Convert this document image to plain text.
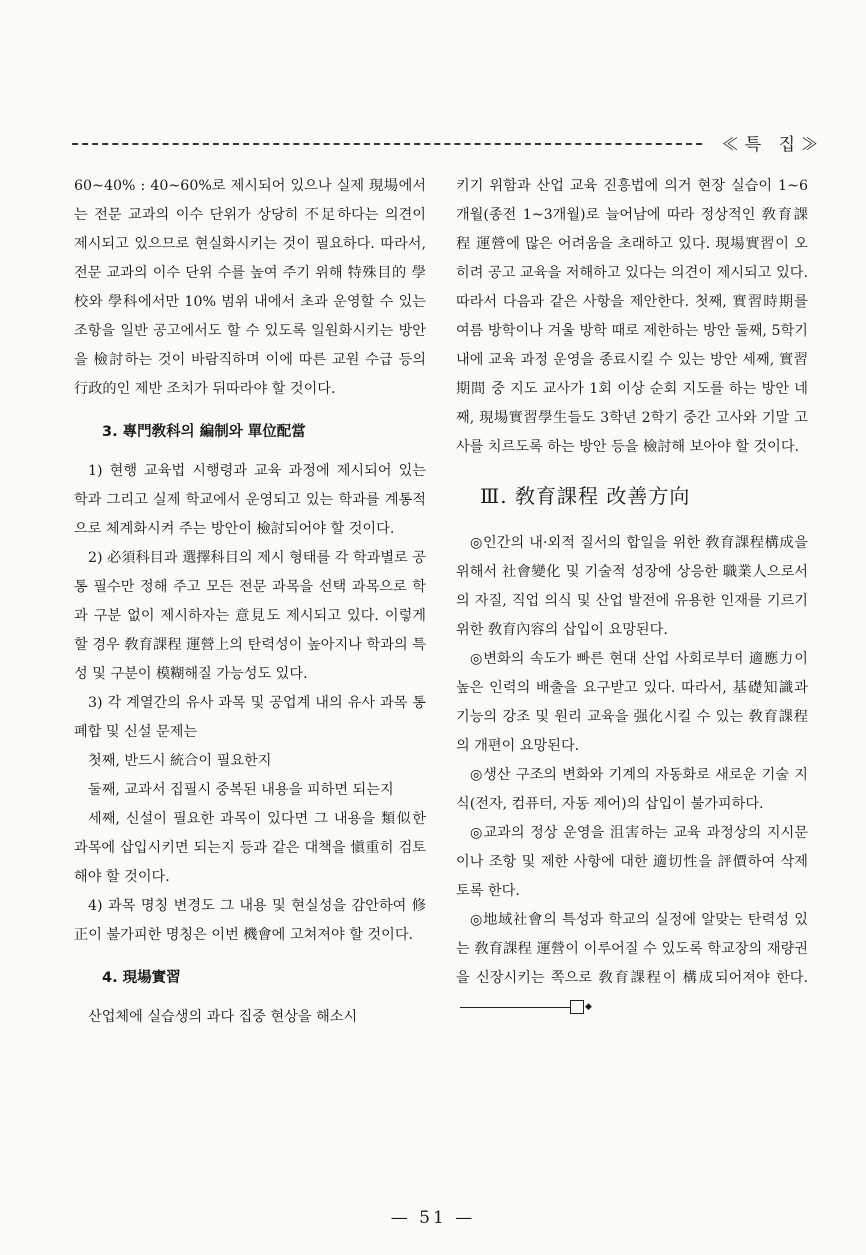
≪특 집≫

60~40% : 40~60%로 제시되어 있으나 실제 現場에서는 전문 교과의 이수 단위가 상당히 不足하다는 의견이 제시되고 있으므로 현실화시키는 것이 필요하다. 따라서, 전문 교과의 이수 단위 수를 높여 주기 위해 特殊目的 學校와 學科에서만 10% 범위 내에서 초과 운영할 수 있는 조항을 일반 공고에서도 할 수 있도록 일원화시키는 방안을 檢討하는 것이 바람직하며 이에 따른 교원 수급 등의 行政的인 제반 조치가 뒤따라야 할 것이다.

3. 專門敎科의 編制와 單位配當

1) 현행 교육법 시행령과 교육 과정에 제시되어 있는 학과 그리고 실제 학교에서 운영되고 있는 학과를 계통적으로 체계화시켜 주는 방안이 檢討되어야 할 것이다.

2) 必須科目과 選擇科目의 제시 형태를 각 학과별로 공통 필수만 정해 주고 모든 전문 과목을 선택 과목으로 학과 구분 없이 제시하자는 意見도 제시되고 있다. 이렇게 할 경우 敎育課程 運營上의 탄력성이 높아지나 학과의 특성 및 구분이 模糊해질 가능성도 있다.

3) 각 계열간의 유사 과목 및 공업계 내의 유사 과목 통폐합 및 신설 문제는

첫째, 반드시 統合이 필요한지

둘째, 교과서 집필시 중복된 내용을 피하면 되는지

세째, 신설이 필요한 과목이 있다면 그 내용을 類似한 과목에 삽입시키면 되는지 등과 같은 대책을 愼重히 검토해야 할 것이다.

4) 과목 명칭 변경도 그 내용 및 현실성을 감안하여 修正이 불가피한 명칭은 이번 機會에 고쳐져야 할 것이다.

4. 現場實習

산업체에 실습생의 과다 집중 현상을 해소시

키기 위함과 산업 교육 진흥법에 의거 현장 실습이 1~6개월(종전 1~3개월)로 늘어남에 따라 정상적인 敎育課程 運營에 많은 어려움을 초래하고 있다. 現場實習이 오히려 공고 교육을 저해하고 있다는 의견이 제시되고 있다. 따라서 다음과 같은 사항을 제안한다. 첫째, 實習時期를 여름 방학이나 겨울 방학 때로 제한하는 방안 둘째, 5학기 내에 교육 과정 운영을 종료시킬 수 있는 방안 세째, 實習期間 중 지도 교사가 1회 이상 순회 지도를 하는 방안 네째, 現場實習學生들도 3학년 2학기 중간 고사와 기말 고사를 치르도록 하는 방안 등을 檢討해 보아야 할 것이다.

Ⅲ. 敎育課程 改善方向

◎인간의 내·외적 질서의 합일을 위한 敎育課程構成을 위해서 社會變化 및 기술적 성장에 상응한 職業人으로서의 자질, 직업 의식 및 산업 발전에 유용한 인재를 기르기 위한 敎育內容의 삽입이 요망된다.

◎변화의 속도가 빠른 현대 산업 사회로부터 適應力이 높은 인력의 배출을 요구받고 있다. 따라서, 基礎知識과 기능의 강조 및 원리 교육을 强化시킬 수 있는 敎育課程의 개편이 요망된다.

◎생산 구조의 변화와 기계의 자동화로 새로운 기술 지식(전자, 컴퓨터, 자동 제어)의 삽입이 불가피하다.

◎교과의 정상 운영을 沮害하는 교육 과정상의 지시문이나 조항 및 제한 사항에 대한 適切性을 評價하여 삭제토록 한다.

◎地域社會의 특성과 학교의 실정에 알맞는 탄력성 있는 敎育課程 運營이 이루어질 수 있도록 학교장의 재량권을 신장시키는 쪽으로 敎育課程이 構成되어져야 한다.◆

— 51 —
